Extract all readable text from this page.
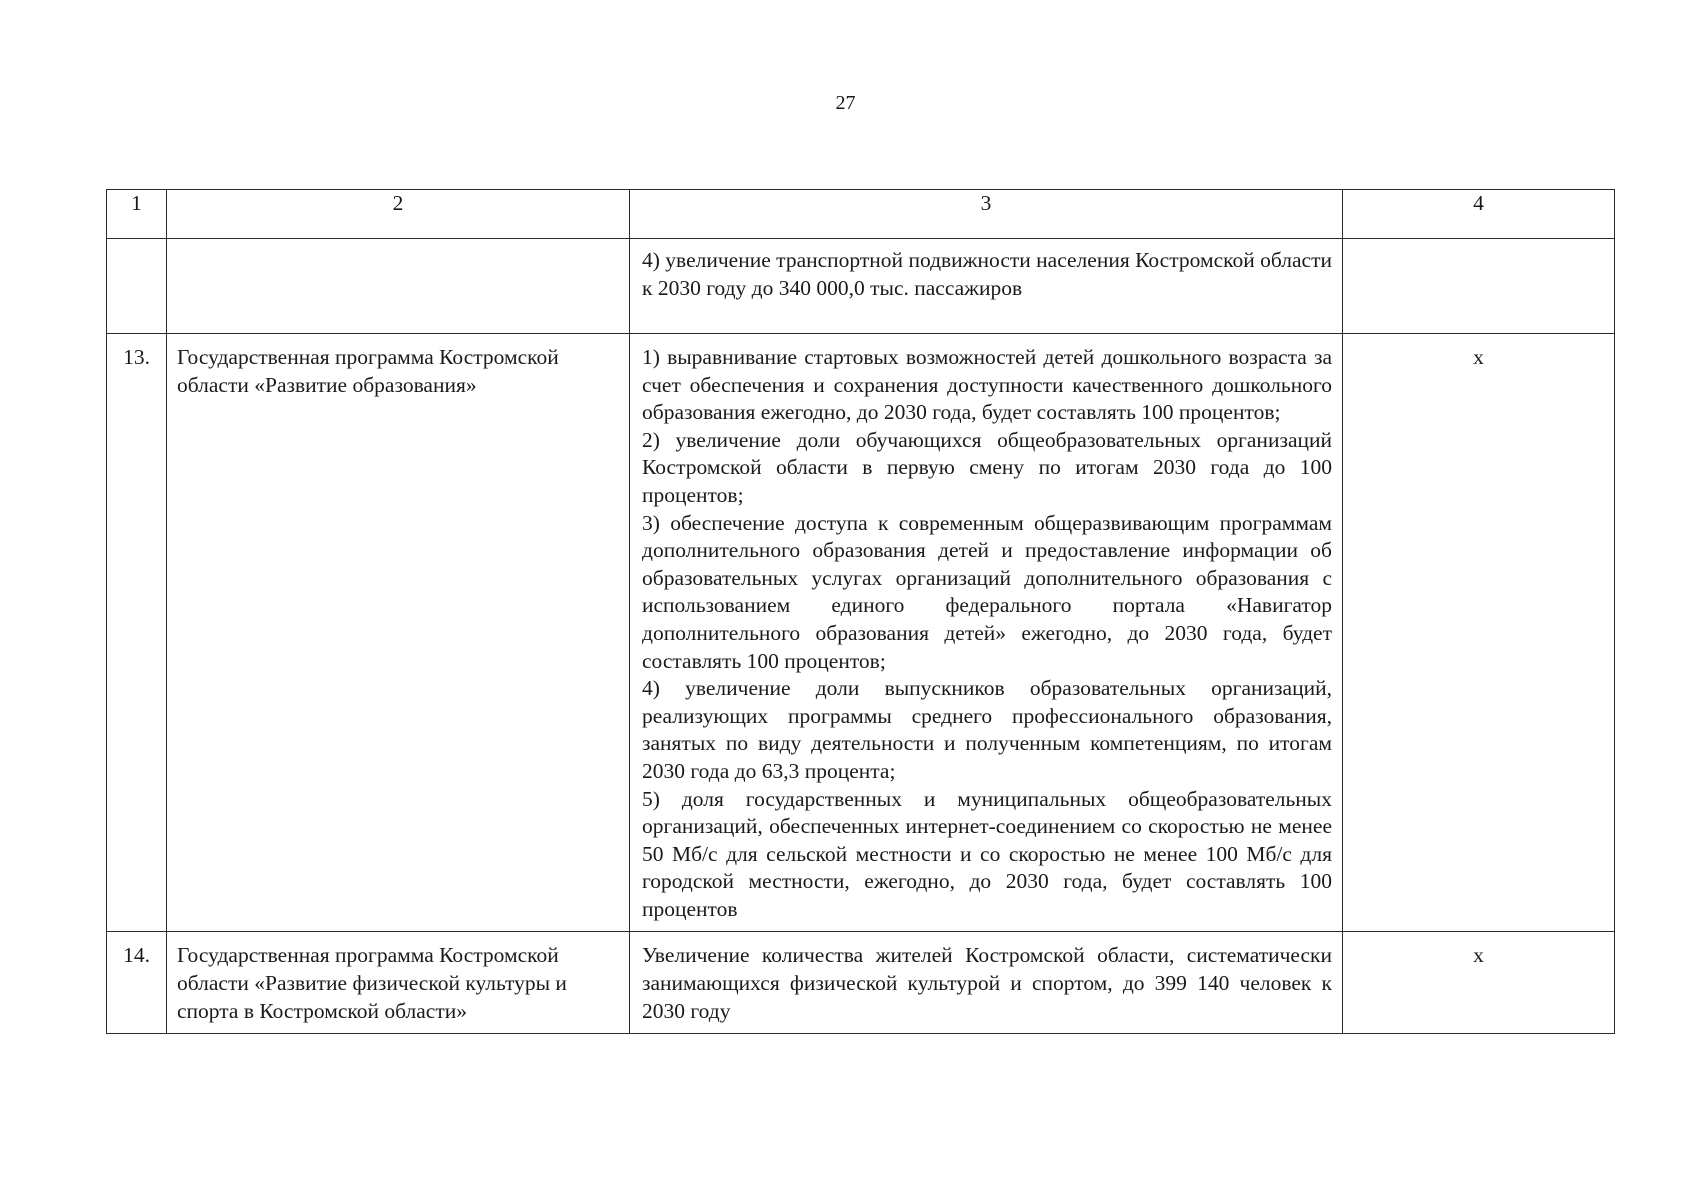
27
1	2	3	4

		4) увеличение транспортной подвижности населения Костромской области к 2030 году до 340 000,0 тыс. пассажиров	

13.	Государственная программа Костромской области «Развитие образования»	1) выравнивание стартовых возможностей детей дошкольного возраста за счет обеспечения и сохранения доступности качественного дошкольного образования ежегодно, до 2030 года, будет составлять 100 процентов;

2) увеличение доли обучающихся общеобразовательных организаций Костромской области в первую смену по итогам 2030 года до 100 процентов;

3) обеспечение доступа к современным общеразвивающим программам дополнительного образования детей и предоставление информации об образовательных услугах организаций дополнительного образования с использованием единого федерального портала «Навигатор дополнительного образования детей» ежегодно, до 2030 года, будет составлять 100 процентов;

4) увеличение доли выпускников образовательных организаций, реализующих программы среднего профессионального образования, занятых по виду деятельности и полученным компетенциям, по итогам 2030 года до 63,3 процента;

5) доля государственных и муниципальных общеобразовательных организаций, обеспеченных интернет-соединением со скоростью не менее 50 Мб/с для сельской местности и со скоростью не менее 100 Мб/с для городской местности, ежегодно, до 2030 года, будет составлять 100 процентов	х
14.	Государственная программа Костромской области «Развитие физической культуры и спорта в Костромской области»	Увеличение количества жителей Костромской области, систематически занимающихся физической культурой и спортом, до 399 140 человек к 2030 году	х
